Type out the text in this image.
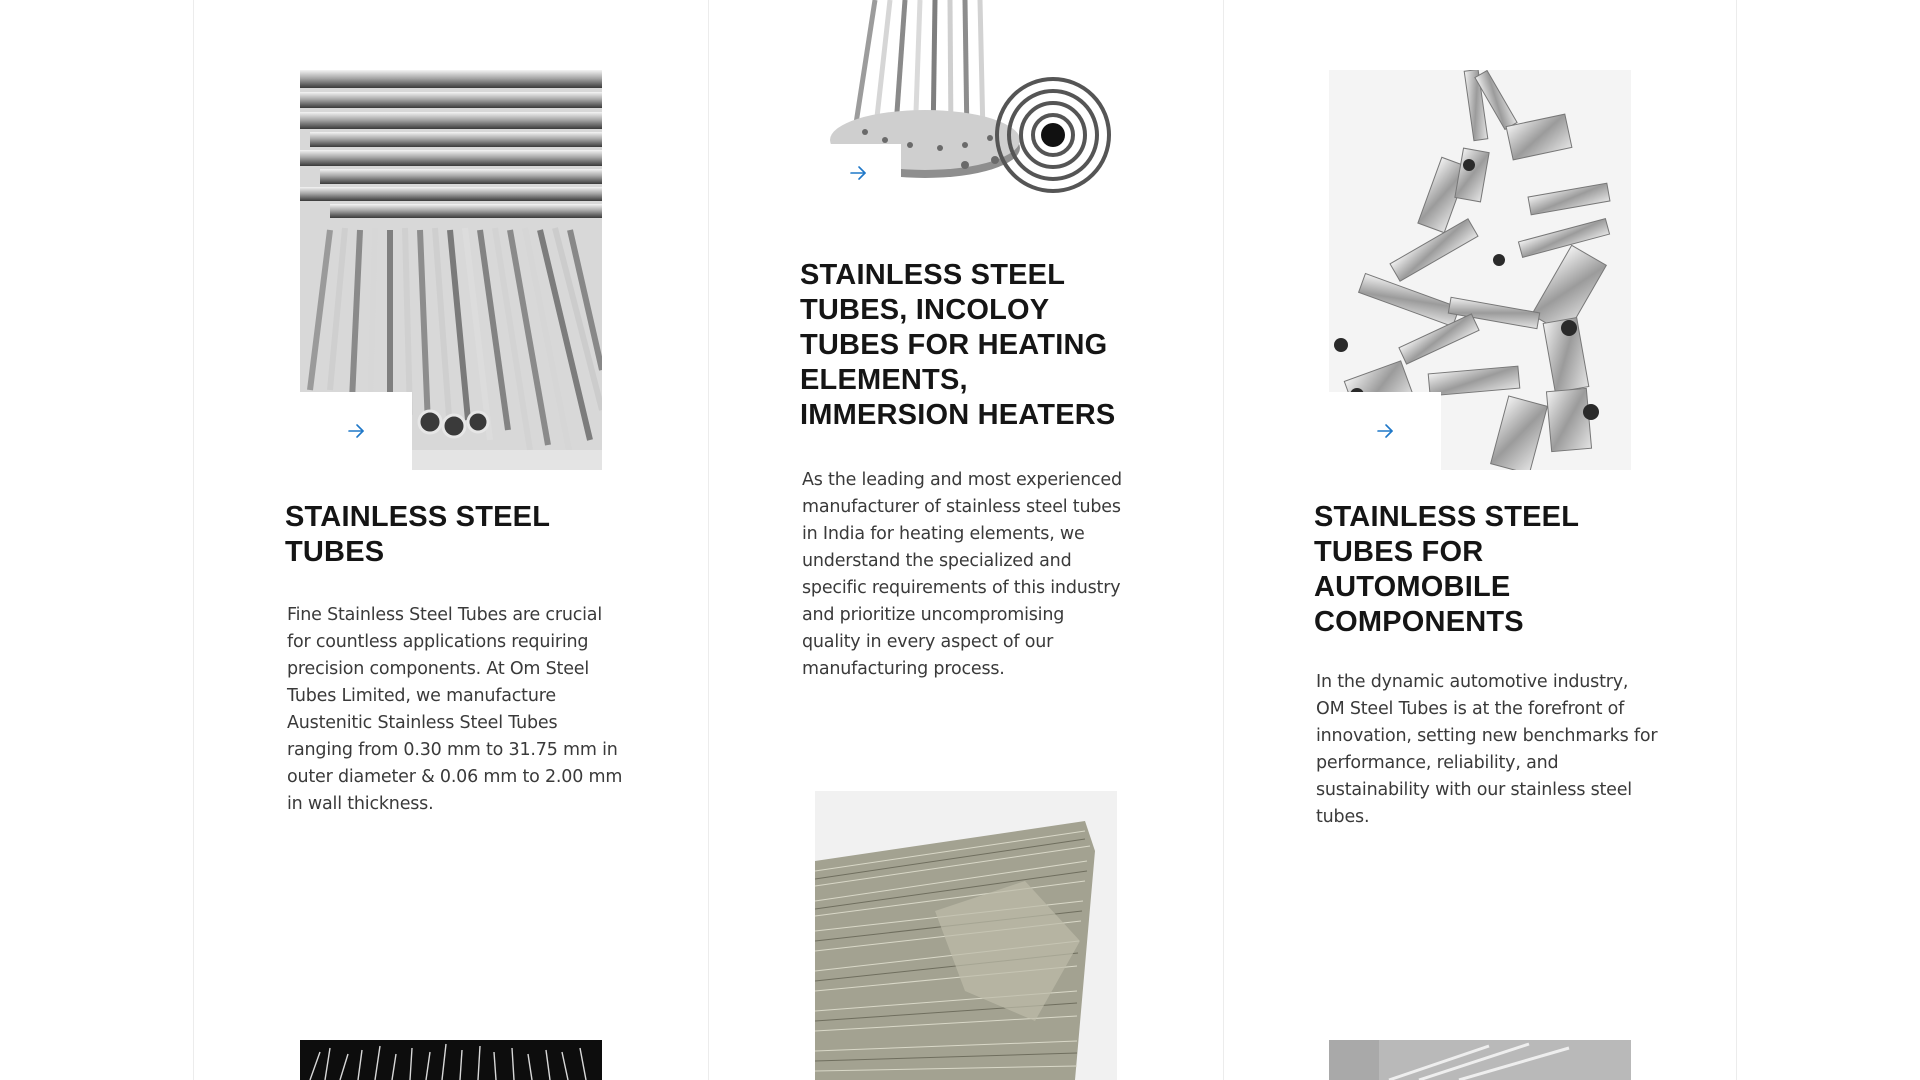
STAINLESS STEEL TUBES
Fine Stainless Steel Tubes are crucial for countless applications requiring precision components. At Om Steel Tubes Limited, we manufacture Austenitic Stainless Steel Tubes ranging from 0.30 mm to 31.75 mm in outer diameter & 0.06 mm to 2.00 mm in wall thickness.
STAINLESS STEEL TUBES, INCOLOY TUBES FOR HEATING ELEMENTS, IMMERSION HEATERS
As the leading and most experienced manufacturer of stainless steel tubes in India for heating elements, we understand the specialized and specific requirements of this industry and prioritize uncompromising quality in every aspect of our manufacturing process.
STAINLESS STEEL TUBES FOR AUTOMOBILE COMPONENTS
In the dynamic automotive industry, OM Steel Tubes is at the forefront of innovation, setting new benchmarks for performance, reliability, and sustainability with our stainless steel tubes.
